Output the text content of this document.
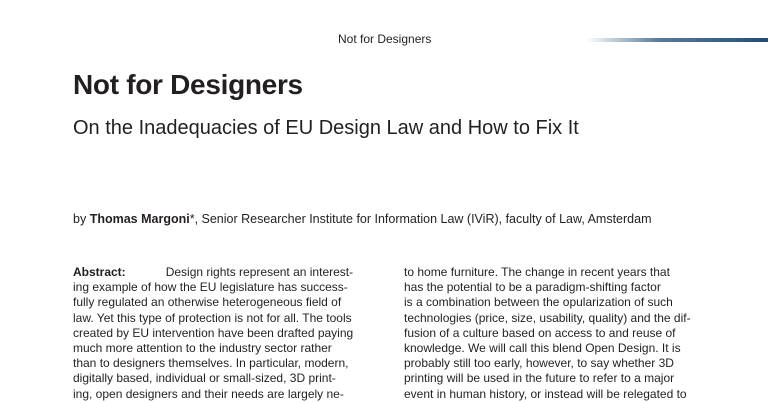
Not for Designers
Not for Designers
On the Inadequacies of EU Design Law and How to Fix It
by Thomas Margoni*, Senior Researcher Institute for Information Law (IViR), faculty of Law, Amsterdam
Abstract:	Design rights represent an interest-
ing example of how the EU legislature has success-
fully regulated an otherwise heterogeneous field of
law. Yet this type of protection is not for all. The tools
created by EU intervention have been drafted paying
much more attention to the industry sector rather
than to designers themselves. In particular, modern,
digitally based, individual or small-sized, 3D print-
ing, open designers and their needs are largely ne-
to home furniture. The change in recent years that
has the potential to be a paradigm-shifting factor
is a combination between the opularization of such
technologies (price, size, usability, quality) and the dif-
fusion of a culture based on access to and reuse of
knowledge. We will call this blend Open Design. It is
probably still too early, however, to say whether 3D
printing will be used in the future to refer to a major
event in human history, or instead will be relegated to
